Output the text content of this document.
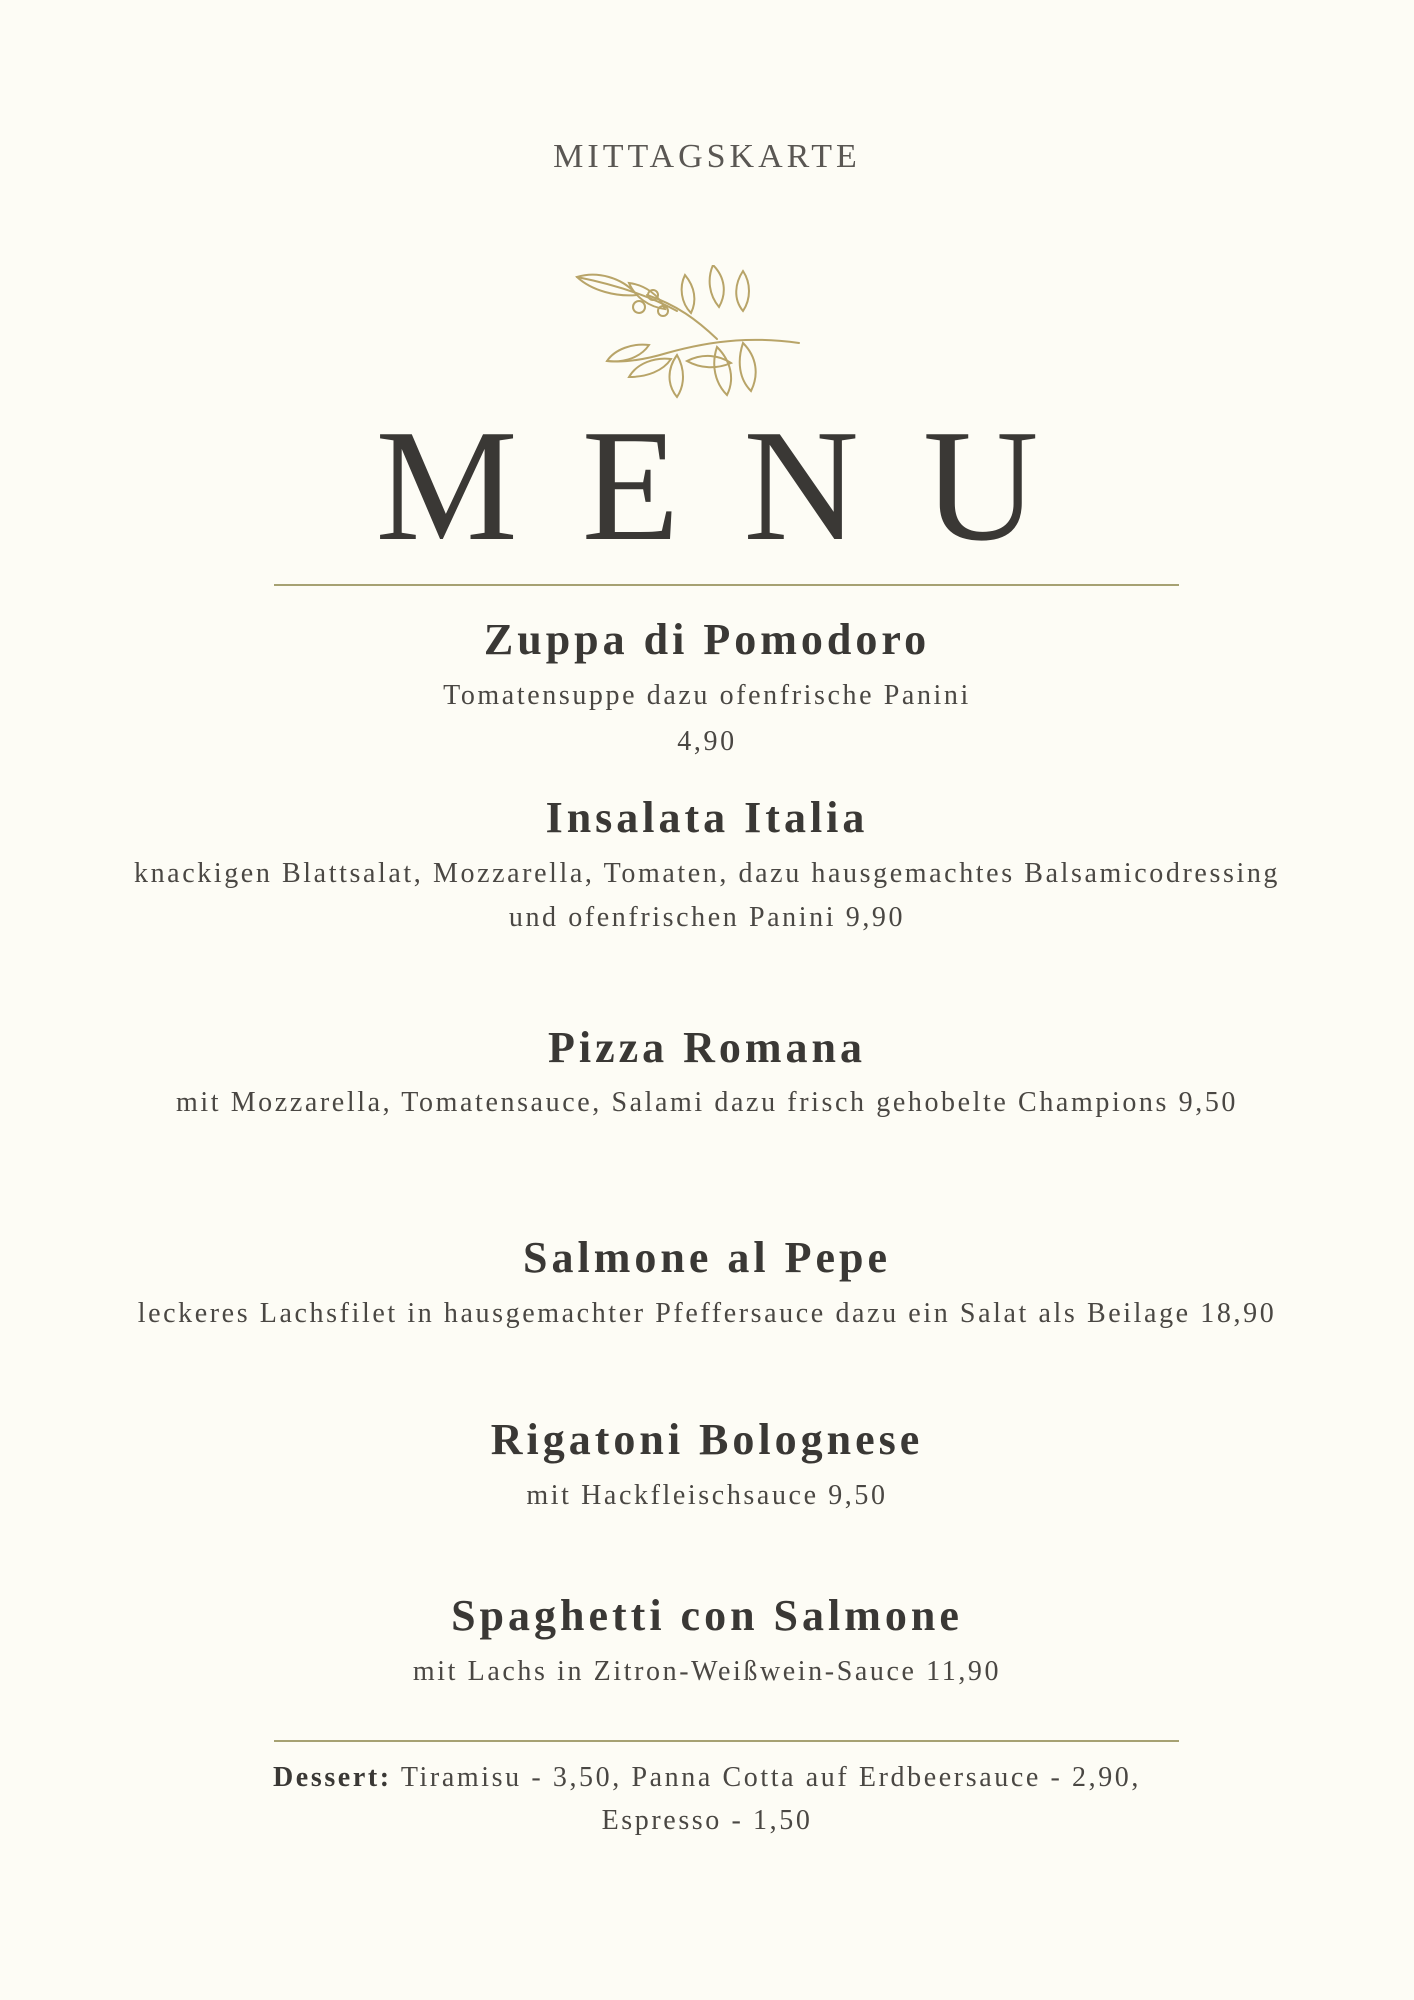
MITTAGSKARTE
MENU
Zuppa di Pomodoro
Tomatensuppe dazu ofenfrische Panini
4,90
Insalata Italia
knackigen Blattsalat, Mozzarella, Tomaten, dazu hausgemachtes Balsamicodressing
und ofenfrischen Panini 9,90
Pizza Romana
mit Mozzarella, Tomatensauce, Salami dazu frisch gehobelte Champions 9,50
Salmone al Pepe
leckeres Lachsfilet in hausgemachter Pfeffersauce dazu ein Salat als Beilage 18,90
Rigatoni Bolognese
mit Hackfleischsauce 9,50
Spaghetti con Salmone
mit Lachs in Zitron-Weißwein-Sauce 11,90
Dessert: Tiramisu - 3,50, Panna Cotta auf Erdbeersauce - 2,90,
Espresso - 1,50
